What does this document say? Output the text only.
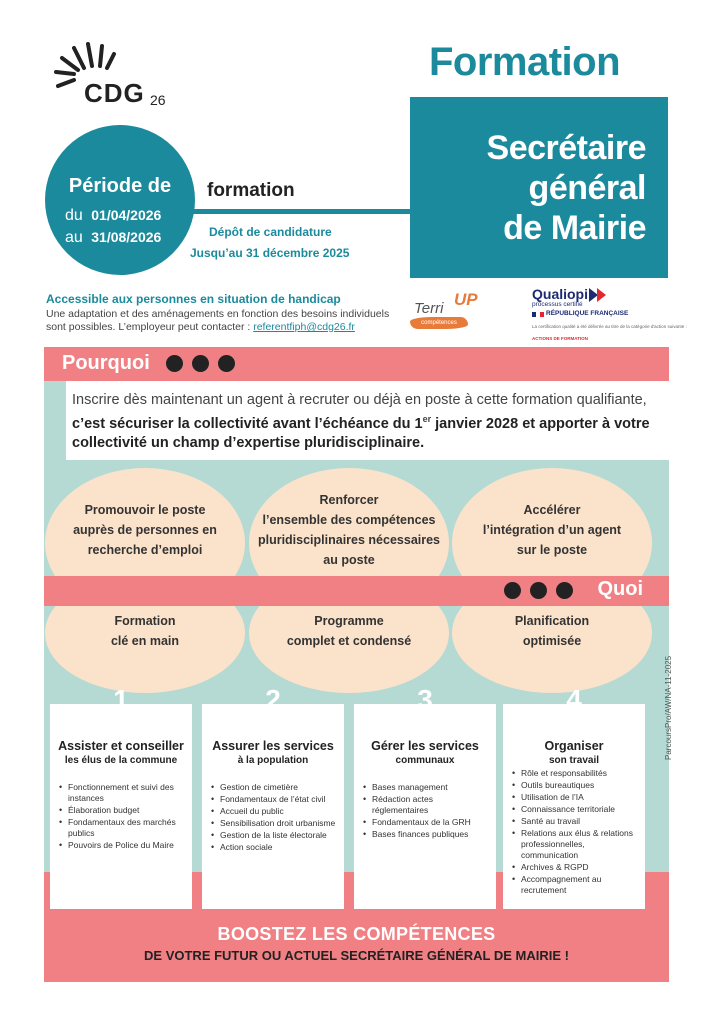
CDG 26
Formation
Secrétaire
général
de Mairie
Période de
du 01/04/2026
au 31/08/2026
formation
Dépôt de candidature
Jusqu’au 31 décembre 2025
Accessible aux personnes en situation de handicap
Une adaptation et des aménagements en fonction des besoins individuels sont possibles. L’employeur peut contacter : referentfiph@cdg26.fr
Terri UP
compétences
Qualiopi
processus certifié
RÉPUBLIQUE FRANÇAISE
La certification qualité a été délivrée au titre de la catégorie d'action suivante :
ACTIONS DE FORMATION
Pourquoi
Inscrire dès maintenant un agent à recruter ou déjà en poste à cette formation qualifiante, c’est sécuriser la collectivité avant l’échéance du 1er janvier 2028 et apporter à votre collectivité un champ d’expertise pluridisciplinaire.
Promouvoir le poste
auprès de personnes en
recherche d’emploi
Renforcer
l’ensemble des compétences
pluridisciplinaires nécessaires
au poste
Accélérer
l’intégration d’un agent
sur le poste
Formation
clé en main
Programme
complet et condensé
Planification
optimisée
Quoi
1
Assister et conseiller
les élus de la commune
• Fonctionnement et suivi des instances
• Élaboration budget
• Fondamentaux des marchés publics
• Pouvoirs de Police du Maire
2
Assurer les services
à la population
• Gestion de cimetière
• Fondamentaux de l’état civil
• Accueil du public
• Sensibilisation droit urbanisme
• Gestion de la liste électorale
• Action sociale
3
Gérer les services
communaux
• Bases management
• Rédaction actes réglementaires
• Fondamentaux de la GRH
• Bases finances publiques
4
Organiser
son travail
• Rôle et responsabilités
• Outils bureautiques
• Utilisation de l’IA
• Connaissance territoriale
• Santé au travail
• Relations aux élus & relations professionnelles, communication
• Archives & RGPD
• Accompagnement au recrutement
ParcoursPro/AW/NA-11-2025
BOOSTEZ LES COMPÉTENCES
DE VOTRE FUTUR OU ACTUEL SECRÉTAIRE GÉNÉRAL DE MAIRIE !
